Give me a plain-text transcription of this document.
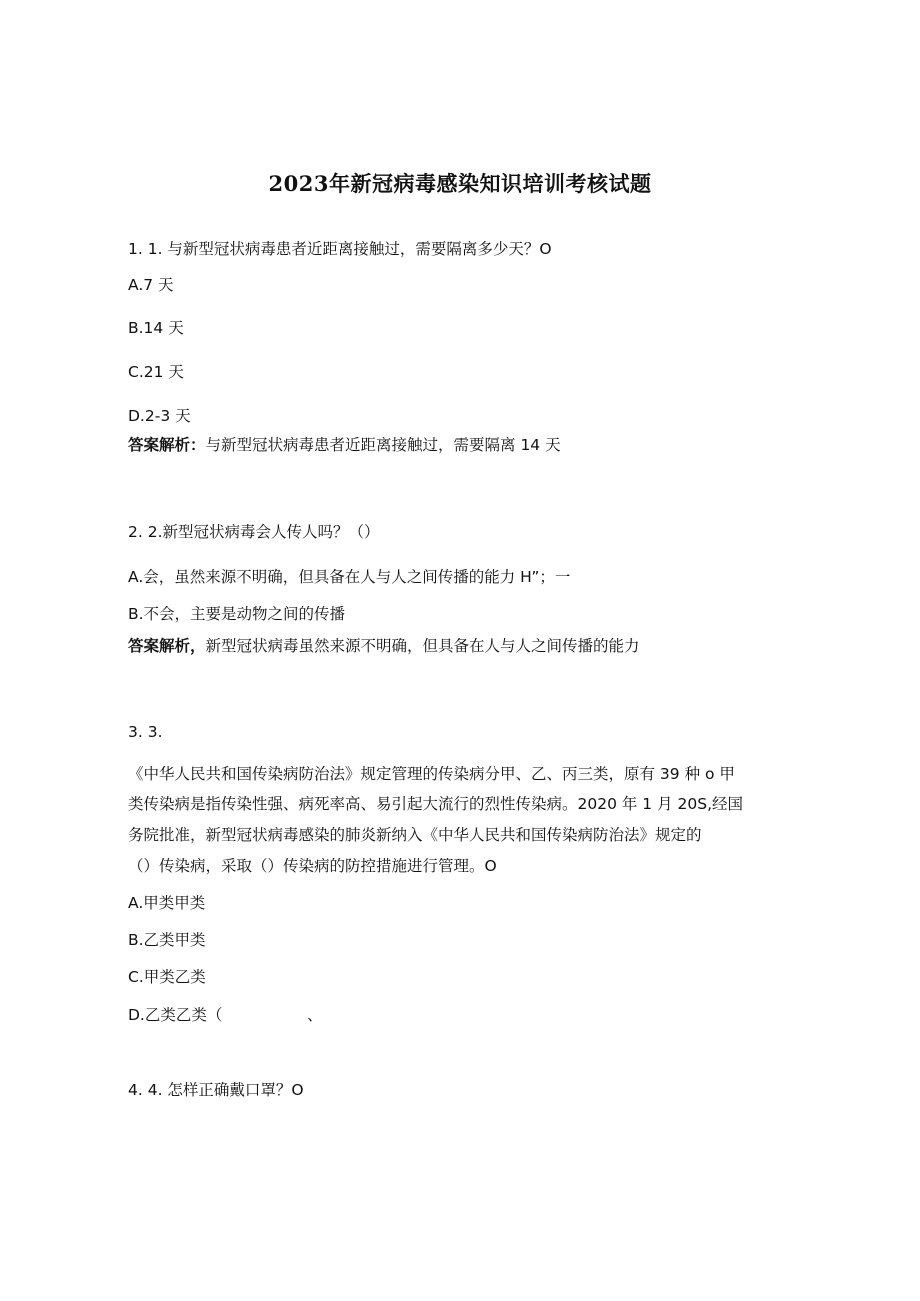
2023年新冠病毒感染知识培训考核试题
1. 1. 与新型冠状病毒患者近距离接触过，需要隔离多少天？O
A.7 天
B.14 天
C.21 天
D.2-3 天
答案解析：与新型冠状病毒患者近距离接触过，需要隔离 14 天
2. 2.新型冠状病毒会人传人吗？（）
A.会，虽然来源不明确，但具备在人与人之间传播的能力 H”；一
B.不会，主要是动物之间的传播
答案解析，新型冠状病毒虽然来源不明确，但具备在人与人之间传播的能力
3. 3.
《中华人民共和国传染病防治法》规定管理的传染病分甲、乙、丙三类，原有 39 种 o 甲
类传染病是指传染性强、病死率高、易引起大流行的烈性传染病。2020 年 1 月 20S,经国
务院批准，新型冠状病毒感染的肺炎新纳入《中华人民共和国传染病防治法》规定的
（）传染病，采取（）传染病的防控措施进行管理。O
A.甲类甲类
B.乙类甲类
C.甲类乙类
D.乙类乙类（	、
4. 4. 怎样正确戴口罩？O
